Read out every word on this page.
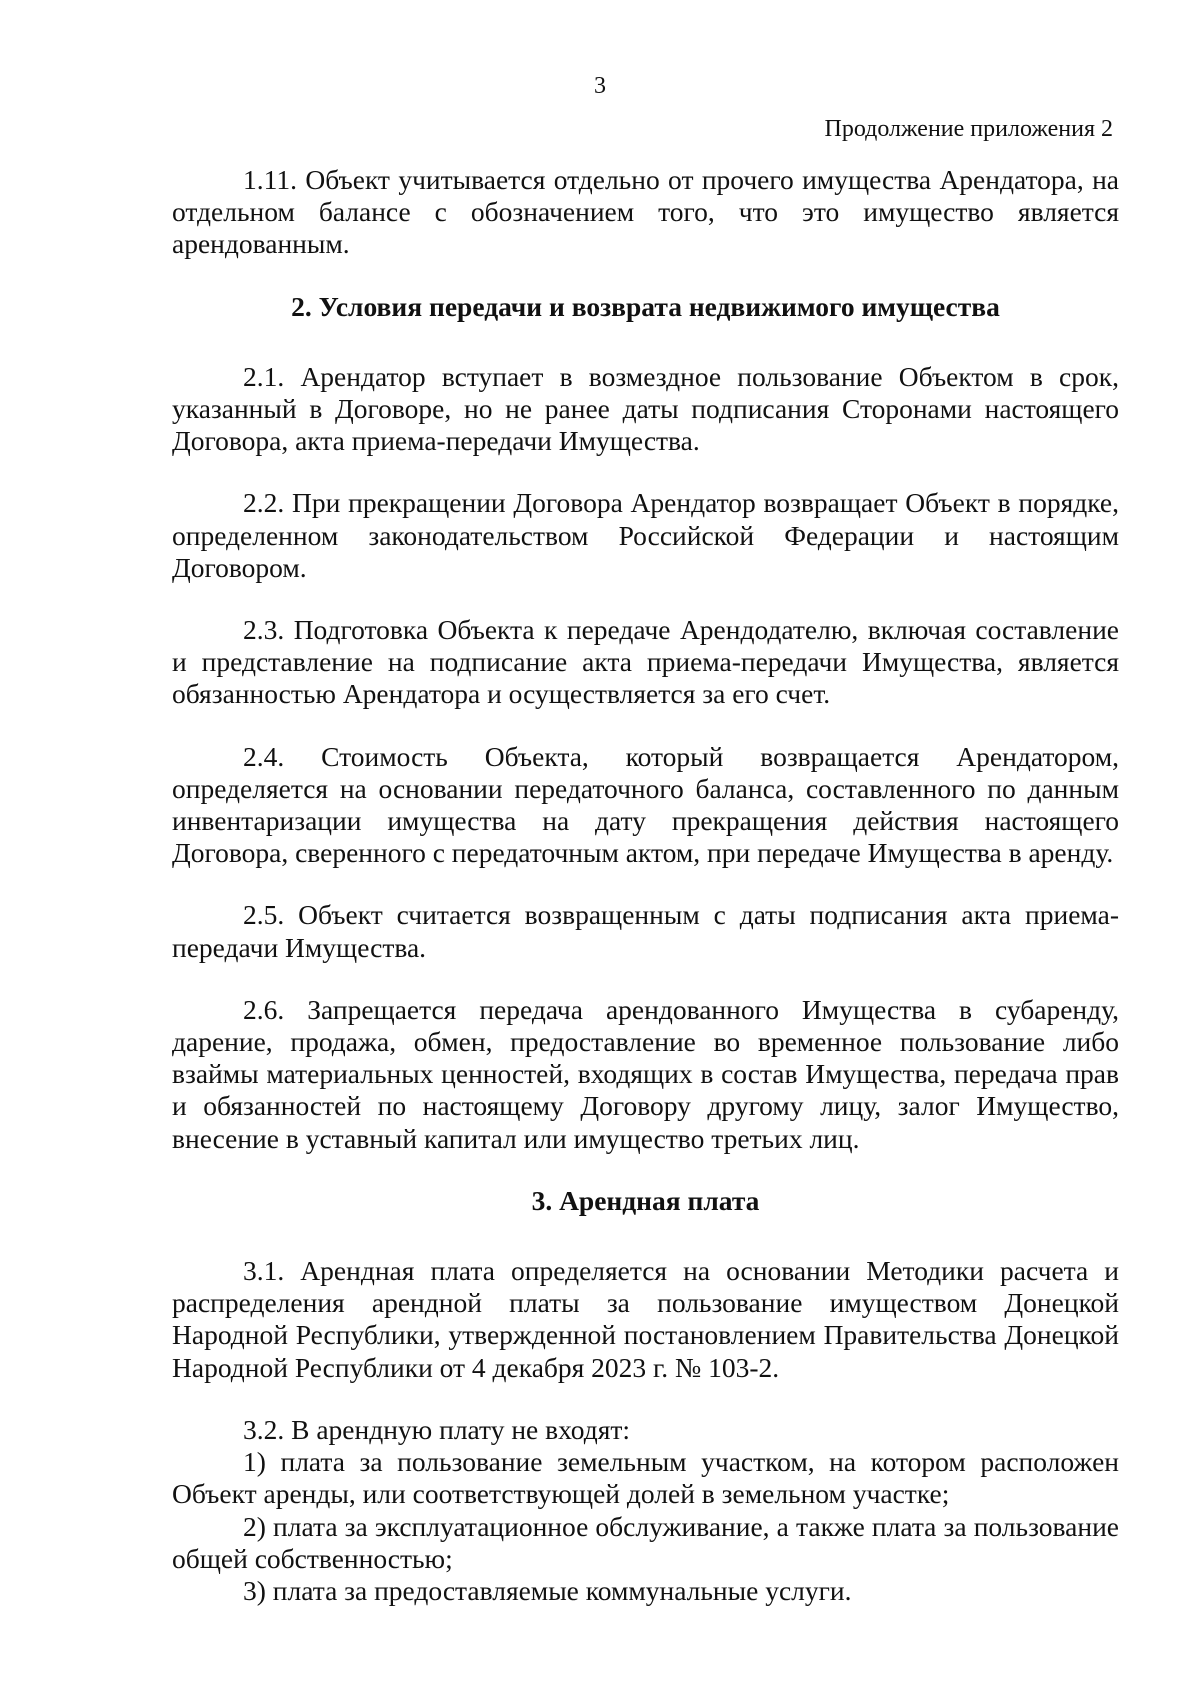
3
Продолжение приложения 2

1.11. Объект учитывается отдельно от прочего имущества Арендатора, на отдельном балансе с обозначением того, что это имущество является арендованным.

2. Условия передачи и возврата недвижимого имущества

2.1. Арендатор вступает в возмездное пользование Объектом в срок, указанный в Договоре, но не ранее даты подписания Сторонами настоящего Договора, акта приема-передачи Имущества.

2.2. При прекращении Договора Арендатор возвращает Объект в порядке, определенном законодательством Российской Федерации и настоящим Договором.

2.3. Подготовка Объекта к передаче Арендодателю, включая составление и представление на подписание акта приема-передачи Имущества, является обязанностью Арендатора и осуществляется за его счет.

2.4. Стоимость Объекта, который возвращается Арендатором, определяется на основании передаточного баланса, составленного по данным инвентаризации имущества на дату прекращения действия настоящего Договора, сверенного с передаточным актом, при передаче Имущества в аренду.

2.5. Объект считается возвращенным с даты подписания акта приема-передачи Имущества.

2.6. Запрещается передача арендованного Имущества в субаренду, дарение, продажа, обмен, предоставление во временное пользование либо взаймы материальных ценностей, входящих в состав Имущества, передача прав и обязанностей по настоящему Договору другому лицу, залог Имущество, внесение в уставный капитал или имущество третьих лиц.

3. Арендная плата

3.1. Арендная плата определяется на основании Методики расчета и распределения арендной платы за пользование имуществом Донецкой Народной Республики, утвержденной постановлением Правительства Донецкой Народной Республики от 4 декабря 2023 г. № 103-2.

3.2. В арендную плату не входят:

1) плата за пользование земельным участком, на котором расположен Объект аренды, или соответствующей долей в земельном участке;

2) плата за эксплуатационное обслуживание, а также плата за пользование общей собственностью;

3) плата за предоставляемые коммунальные услуги.
